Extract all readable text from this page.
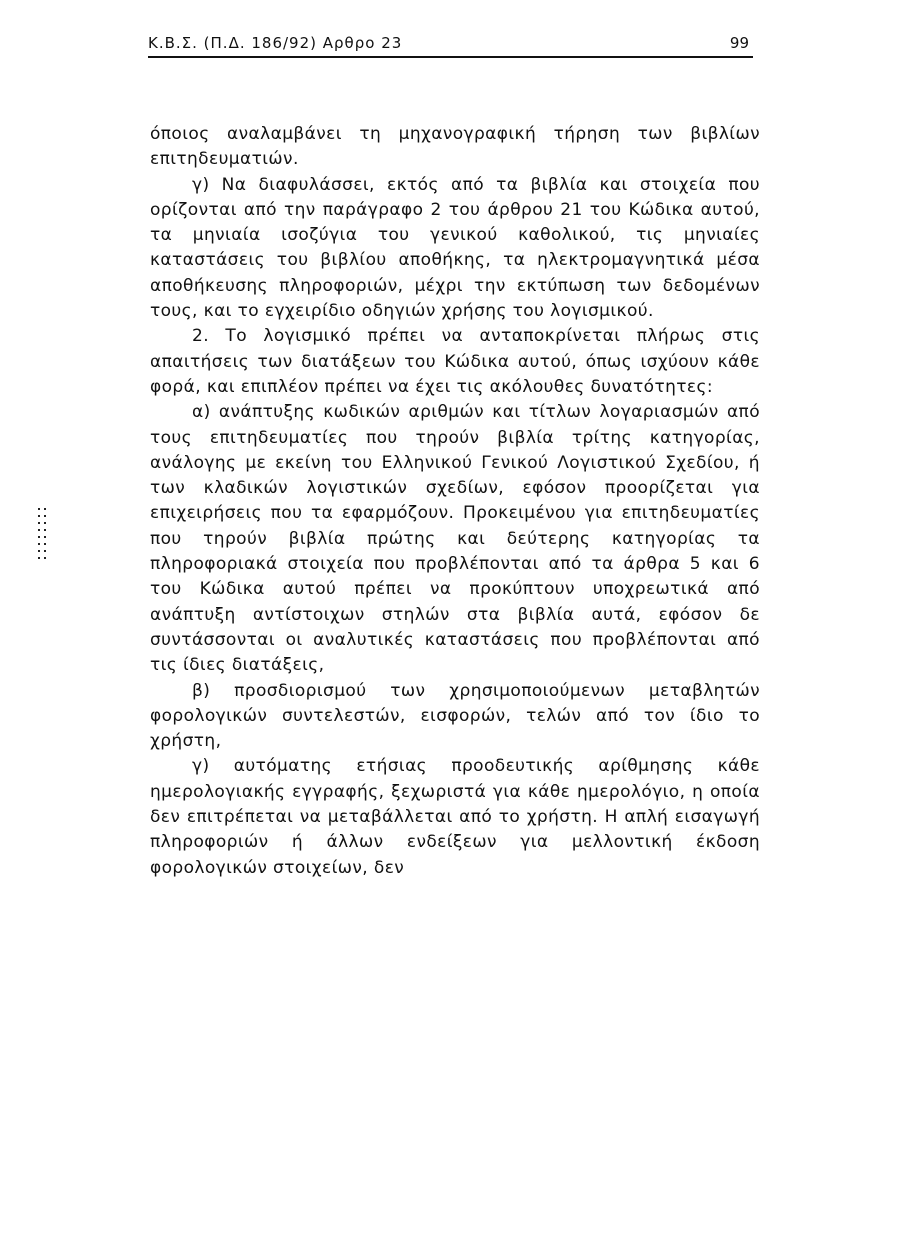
Κ.Β.Σ. (Π.Δ. 186/92) Αρθρο 23	99

όποιος αναλαμβάνει τη μηχανογραφική τήρηση των βιβλίων επιτηδευματιών.

γ) Να διαφυλάσσει, εκτός από τα βιβλία και στοιχεία που ορίζονται από την παράγραφο 2 του άρθρου 21 του Κώδικα αυτού, τα μηνιαία ισοζύγια του γενικού καθολικού, τις μηνιαίες καταστάσεις του βιβλίου αποθήκης, τα ηλεκτρομαγνητικά μέσα αποθήκευσης πληροφοριών, μέχρι την εκτύπωση των δεδομένων τους, και το εγχειρίδιο οδηγιών χρήσης του λογισμικού.

2. Το λογισμικό πρέπει να ανταποκρίνεται πλήρως στις απαιτήσεις των διατάξεων του Κώδικα αυτού, όπως ισχύουν κάθε φορά, και επιπλέον πρέπει να έχει τις ακόλουθες δυνατότητες:

α) ανάπτυξης κωδικών αριθμών και τίτλων λογαριασμών από τους επιτηδευματίες που τηρούν βιβλία τρίτης κατηγορίας, ανάλογης με εκείνη του Ελληνικού Γενικού Λογιστικού Σχεδίου, ή των κλαδικών λογιστικών σχεδίων, εφόσον προορίζεται για επιχειρήσεις που τα εφαρμόζουν. Προκειμένου για επιτηδευματίες που τηρούν βιβλία πρώτης και δεύτερης κατηγορίας τα πληροφοριακά στοιχεία που προβλέπονται από τα άρθρα 5 και 6 του Κώδικα αυτού πρέπει να προκύπτουν υποχρεωτικά από ανάπτυξη αντίστοιχων στηλών στα βιβλία αυτά, εφόσον δε συντάσσονται οι αναλυτικές καταστάσεις που προβλέπονται από τις ίδιες διατάξεις,

β) προσδιορισμού των χρησιμοποιούμενων μεταβλητών φορολογικών συντελεστών, εισφορών, τελών από τον ίδιο το χρήστη,

γ) αυτόματης ετήσιας προοδευτικής αρίθμησης κάθε ημερολογιακής εγγραφής, ξεχωριστά για κάθε ημερολόγιο, η οποία δεν επιτρέπεται να μεταβάλλεται από το χρήστη. Η απλή εισαγωγή πληροφοριών ή άλλων ενδείξεων για μελλοντική έκδοση φορολογικών στοιχείων, δεν
